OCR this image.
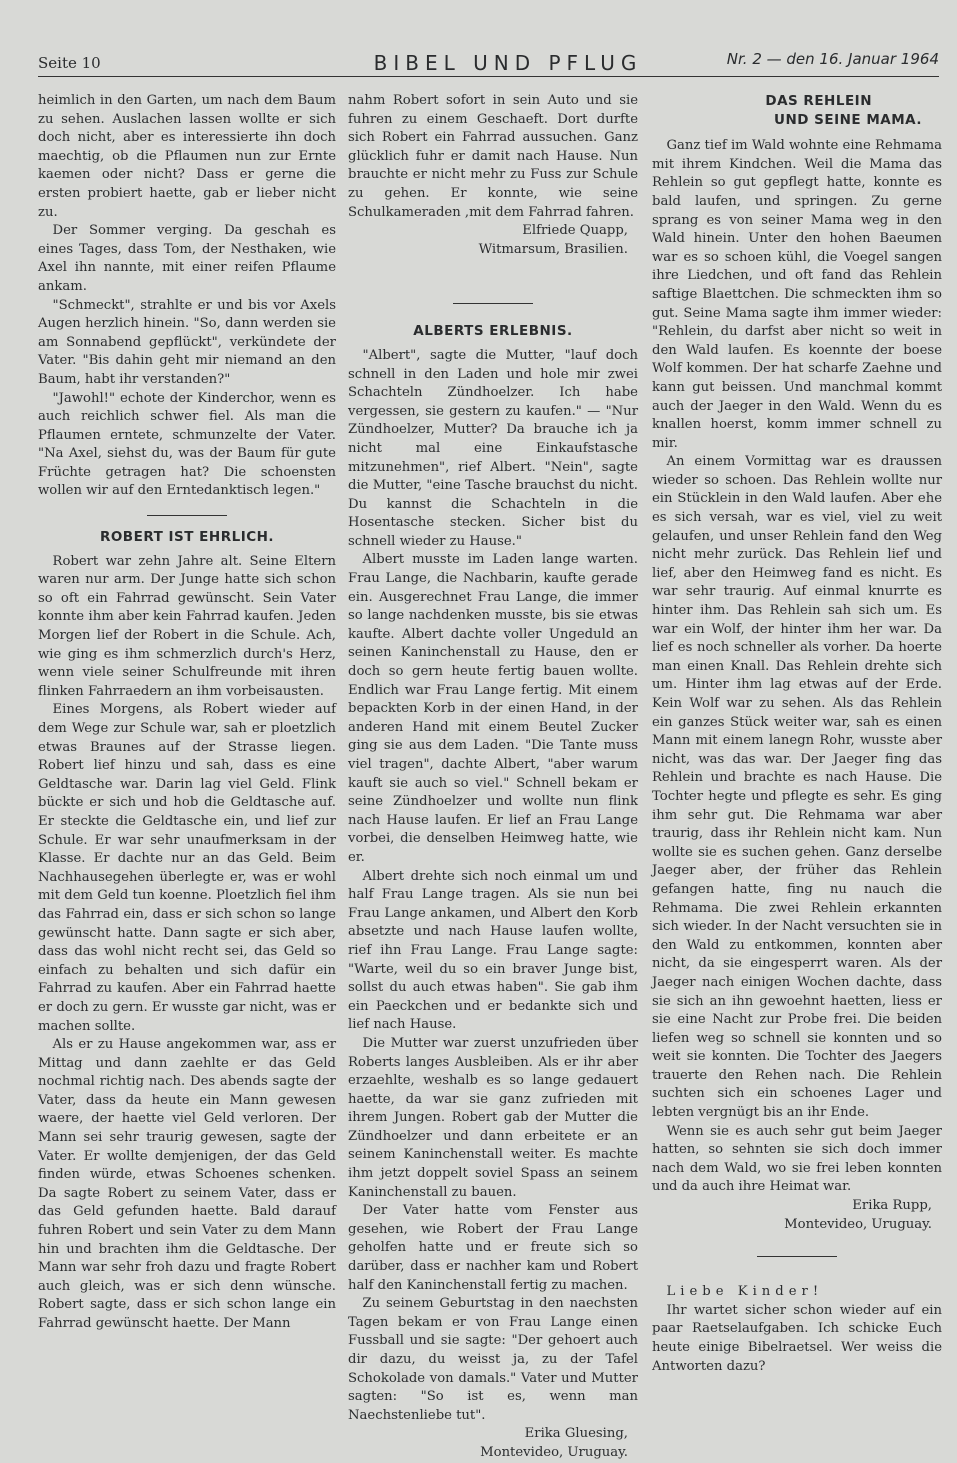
Seite 10	BIBEL UND PFLUG	Nr. 2 — den 16. Januar 1964

heimlich in den Garten, um nach dem Baum zu sehen. Auslachen lassen wollte er sich doch nicht, aber es interessierte ihn doch maechtig, ob die Pflaumen nun zur Ernte kaemen oder nicht? Dass er gerne die ersten probiert haette, gab er lieber nicht zu.

Der Sommer verging. Da geschah es eines Tages, dass Tom, der Nesthaken, wie Axel ihn nannte, mit einer reifen Pflaume ankam.

"Schmeckt", strahlte er und bis vor Axels Augen herzlich hinein. "So, dann werden sie am Sonnabend gepflückt", verkündete der Vater. "Bis dahin geht mir niemand an den Baum, habt ihr verstanden?"

"Jawohl!" echote der Kinderchor, wenn es auch reichlich schwer fiel. Als man die Pflaumen erntete, schmunzelte der Vater. "Na Axel, siehst du, was der Baum für gute Früchte getragen hat? Die schoensten wollen wir auf den Erntedanktisch legen."

ROBERT IST EHRLICH.

Robert war zehn Jahre alt. Seine Eltern waren nur arm. Der Junge hatte sich schon so oft ein Fahrrad gewünscht. Sein Vater konnte ihm aber kein Fahrrad kaufen. Jeden Morgen lief der Robert in die Schule. Ach, wie ging es ihm schmerzlich durch's Herz, wenn viele seiner Schulfreunde mit ihren flinken Fahrraedern an ihm vorbeisausten.

Eines Morgens, als Robert wieder auf dem Wege zur Schule war, sah er ploetzlich etwas Braunes auf der Strasse liegen. Robert lief hinzu und sah, dass es eine Geldtasche war. Darin lag viel Geld. Flink bückte er sich und hob die Geldtasche auf. Er steckte die Geldtasche ein, und lief zur Schule. Er war sehr unaufmerksam in der Klasse. Er dachte nur an das Geld. Beim Nachhausegehen überlegte er, was er wohl mit dem Geld tun koenne. Ploetzlich fiel ihm das Fahrrad ein, dass er sich schon so lange gewünscht hatte. Dann sagte er sich aber, dass das wohl nicht recht sei, das Geld so einfach zu behalten und sich dafür ein Fahrrad zu kaufen. Aber ein Fahrrad haette er doch zu gern. Er wusste gar nicht, was er machen sollte.

Als er zu Hause angekommen war, ass er Mittag und dann zaehlte er das Geld nochmal richtig nach. Des abends sagte der Vater, dass da heute ein Mann gewesen waere, der haette viel Geld verloren. Der Mann sei sehr traurig gewesen, sagte der Vater. Er wollte demjenigen, der das Geld finden würde, etwas Schoenes schenken. Da sagte Robert zu seinem Vater, dass er das Geld gefunden haette. Bald darauf fuhren Robert und sein Vater zu dem Mann hin und brachten ihm die Geldtasche. Der Mann war sehr froh dazu und fragte Robert auch gleich, was er sich denn wünsche. Robert sagte, dass er sich schon lange ein Fahrrad gewünscht haette. Der Mann

nahm Robert sofort in sein Auto und sie fuhren zu einem Geschaeft. Dort durfte sich Robert ein Fahrrad aussuchen. Ganz glücklich fuhr er damit nach Hause. Nun brauchte er nicht mehr zu Fuss zur Schule zu gehen. Er konnte, wie seine Schulkameraden ,mit dem Fahrrad fahren.

Elfriede Quapp,
Witmarsum, Brasilien.
ALBERTS ERLEBNIS.

"Albert", sagte die Mutter, "lauf doch schnell in den Laden und hole mir zwei Schachteln Zündhoelzer. Ich habe vergessen, sie gestern zu kaufen." — "Nur Zündhoelzer, Mutter? Da brauche ich ja nicht mal eine Einkaufstasche mitzunehmen", rief Albert. "Nein", sagte die Mutter, "eine Tasche brauchst du nicht. Du kannst die Schachteln in die Hosentasche stecken. Sicher bist du schnell wieder zu Hause."

Albert musste im Laden lange warten. Frau Lange, die Nachbarin, kaufte gerade ein. Ausgerechnet Frau Lange, die immer so lange nachdenken musste, bis sie etwas kaufte. Albert dachte voller Ungeduld an seinen Kaninchenstall zu Hause, den er doch so gern heute fertig bauen wollte. Endlich war Frau Lange fertig. Mit einem bepackten Korb in der einen Hand, in der anderen Hand mit einem Beutel Zucker ging sie aus dem Laden. "Die Tante muss viel tragen", dachte Albert, "aber warum kauft sie auch so viel." Schnell bekam er seine Zündhoelzer und wollte nun flink nach Hause laufen. Er lief an Frau Lange vorbei, die denselben Heimweg hatte, wie er.

Albert drehte sich noch einmal um und half Frau Lange tragen. Als sie nun bei Frau Lange ankamen, und Albert den Korb absetzte und nach Hause laufen wollte, rief ihn Frau Lange. Frau Lange sagte: "Warte, weil du so ein braver Junge bist, sollst du auch etwas haben". Sie gab ihm ein Paeckchen und er bedankte sich und lief nach Hause.

Die Mutter war zuerst unzufrieden über Roberts langes Ausbleiben. Als er ihr aber erzaehlte, weshalb es so lange gedauert haette, da war sie ganz zufrieden mit ihrem Jungen. Robert gab der Mutter die Zündhoelzer und dann erbeitete er an seinem Kaninchenstall weiter. Es machte ihm jetzt doppelt soviel Spass an seinem Kaninchenstall zu bauen.

Der Vater hatte vom Fenster aus gesehen, wie Robert der Frau Lange geholfen hatte und er freute sich so darüber, dass er nachher kam und Robert half den Kaninchenstall fertig zu machen.

Zu seinem Geburtstag in den naechsten Tagen bekam er von Frau Lange einen Fussball und sie sagte: "Der gehoert auch dir dazu, du weisst ja, zu der Tafel Schokolade von damals." Vater und Mutter sagten: "So ist es, wenn man Naechstenliebe tut".

Erika Gluesing,
Montevideo, Uruguay.
DAS REHLEIN
UND SEINE MAMA.

Ganz tief im Wald wohnte eine Rehmama mit ihrem Kindchen. Weil die Mama das Rehlein so gut gepflegt hatte, konnte es bald laufen, und springen. Zu gerne sprang es von seiner Mama weg in den Wald hinein. Unter den hohen Baeumen war es so schoen kühl, die Voegel sangen ihre Liedchen, und oft fand das Rehlein saftige Blaettchen. Die schmeckten ihm so gut. Seine Mama sagte ihm immer wieder: "Rehlein, du darfst aber nicht so weit in den Wald laufen. Es koennte der boese Wolf kommen. Der hat scharfe Zaehne und kann gut beissen. Und manchmal kommt auch der Jaeger in den Wald. Wenn du es knallen hoerst, komm immer schnell zu mir.

An einem Vormittag war es draussen wieder so schoen. Das Rehlein wollte nur ein Stücklein in den Wald laufen. Aber ehe es sich versah, war es viel, viel zu weit gelaufen, und unser Rehlein fand den Weg nicht mehr zurück. Das Rehlein lief und lief, aber den Heimweg fand es nicht. Es war sehr traurig. Auf einmal knurrte es hinter ihm. Das Rehlein sah sich um. Es war ein Wolf, der hinter ihm her war. Da lief es noch schneller als vorher. Da hoerte man einen Knall. Das Rehlein drehte sich um. Hinter ihm lag etwas auf der Erde. Kein Wolf war zu sehen. Als das Rehlein ein ganzes Stück weiter war, sah es einen Mann mit einem lanegn Rohr, wusste aber nicht, was das war. Der Jaeger fing das Rehlein und brachte es nach Hause. Die Tochter hegte und pflegte es sehr. Es ging ihm sehr gut. Die Rehmama war aber traurig, dass ihr Rehlein nicht kam. Nun wollte sie es suchen gehen. Ganz derselbe Jaeger aber, der früher das Rehlein gefangen hatte, fing nu nauch die Rehmama. Die zwei Rehlein erkannten sich wieder. In der Nacht versuchten sie in den Wald zu entkommen, konnten aber nicht, da sie eingesperrt waren. Als der Jaeger nach einigen Wochen dachte, dass sie sich an ihn gewoehnt haetten, liess er sie eine Nacht zur Probe frei. Die beiden liefen weg so schnell sie konnten und so weit sie konnten. Die Tochter des Jaegers trauerte den Rehen nach. Die Rehlein suchten sich ein schoenes Lager und lebten vergnügt bis an ihr Ende.

Wenn sie es auch sehr gut beim Jaeger hatten, so sehnten sie sich doch immer nach dem Wald, wo sie frei leben konnten und da auch ihre Heimat war.

Erika Rupp,
Montevideo, Uruguay.

Liebe Kinder!

Ihr wartet sicher schon wieder auf ein paar Raetselaufgaben. Ich schicke Euch heute einige Bibelraetsel. Wer weiss die Antworten dazu?
